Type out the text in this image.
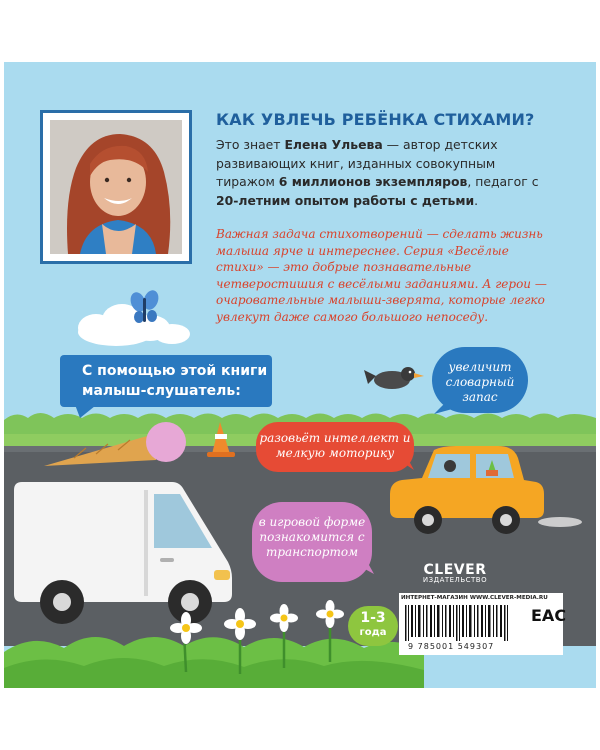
КАК УВЛЕЧЬ РЕБЁНКА СТИХАМИ?
Это знает Елена Ульева — автор детских развивающих книг, изданных совокупным тиражом 6 миллионов экземпляров, педагог с 20-летним опытом работы с детьми.
Важная задача стихотворений — сделать жизнь малыша ярче и интереснее. Серия «Весёлые стихи» — это добрые познавательные четверостишия с весёлыми заданиями. А герои — очаровательные малыши-зверята, которые легко увлекут даже самого большого непоседу.
С помощью этой книги
малыш-слушатель:
увеличит словарный запас
разовьёт интеллект и мелкую моторику
в игровой форме познакомится с транспортом
CLEVER
ИЗДАТЕЛЬСТВО
1-3
года
ИНТЕРНЕТ-МАГАЗИН WWW.CLEVER-MEDIA.RU
9 785001 549307
EAC
